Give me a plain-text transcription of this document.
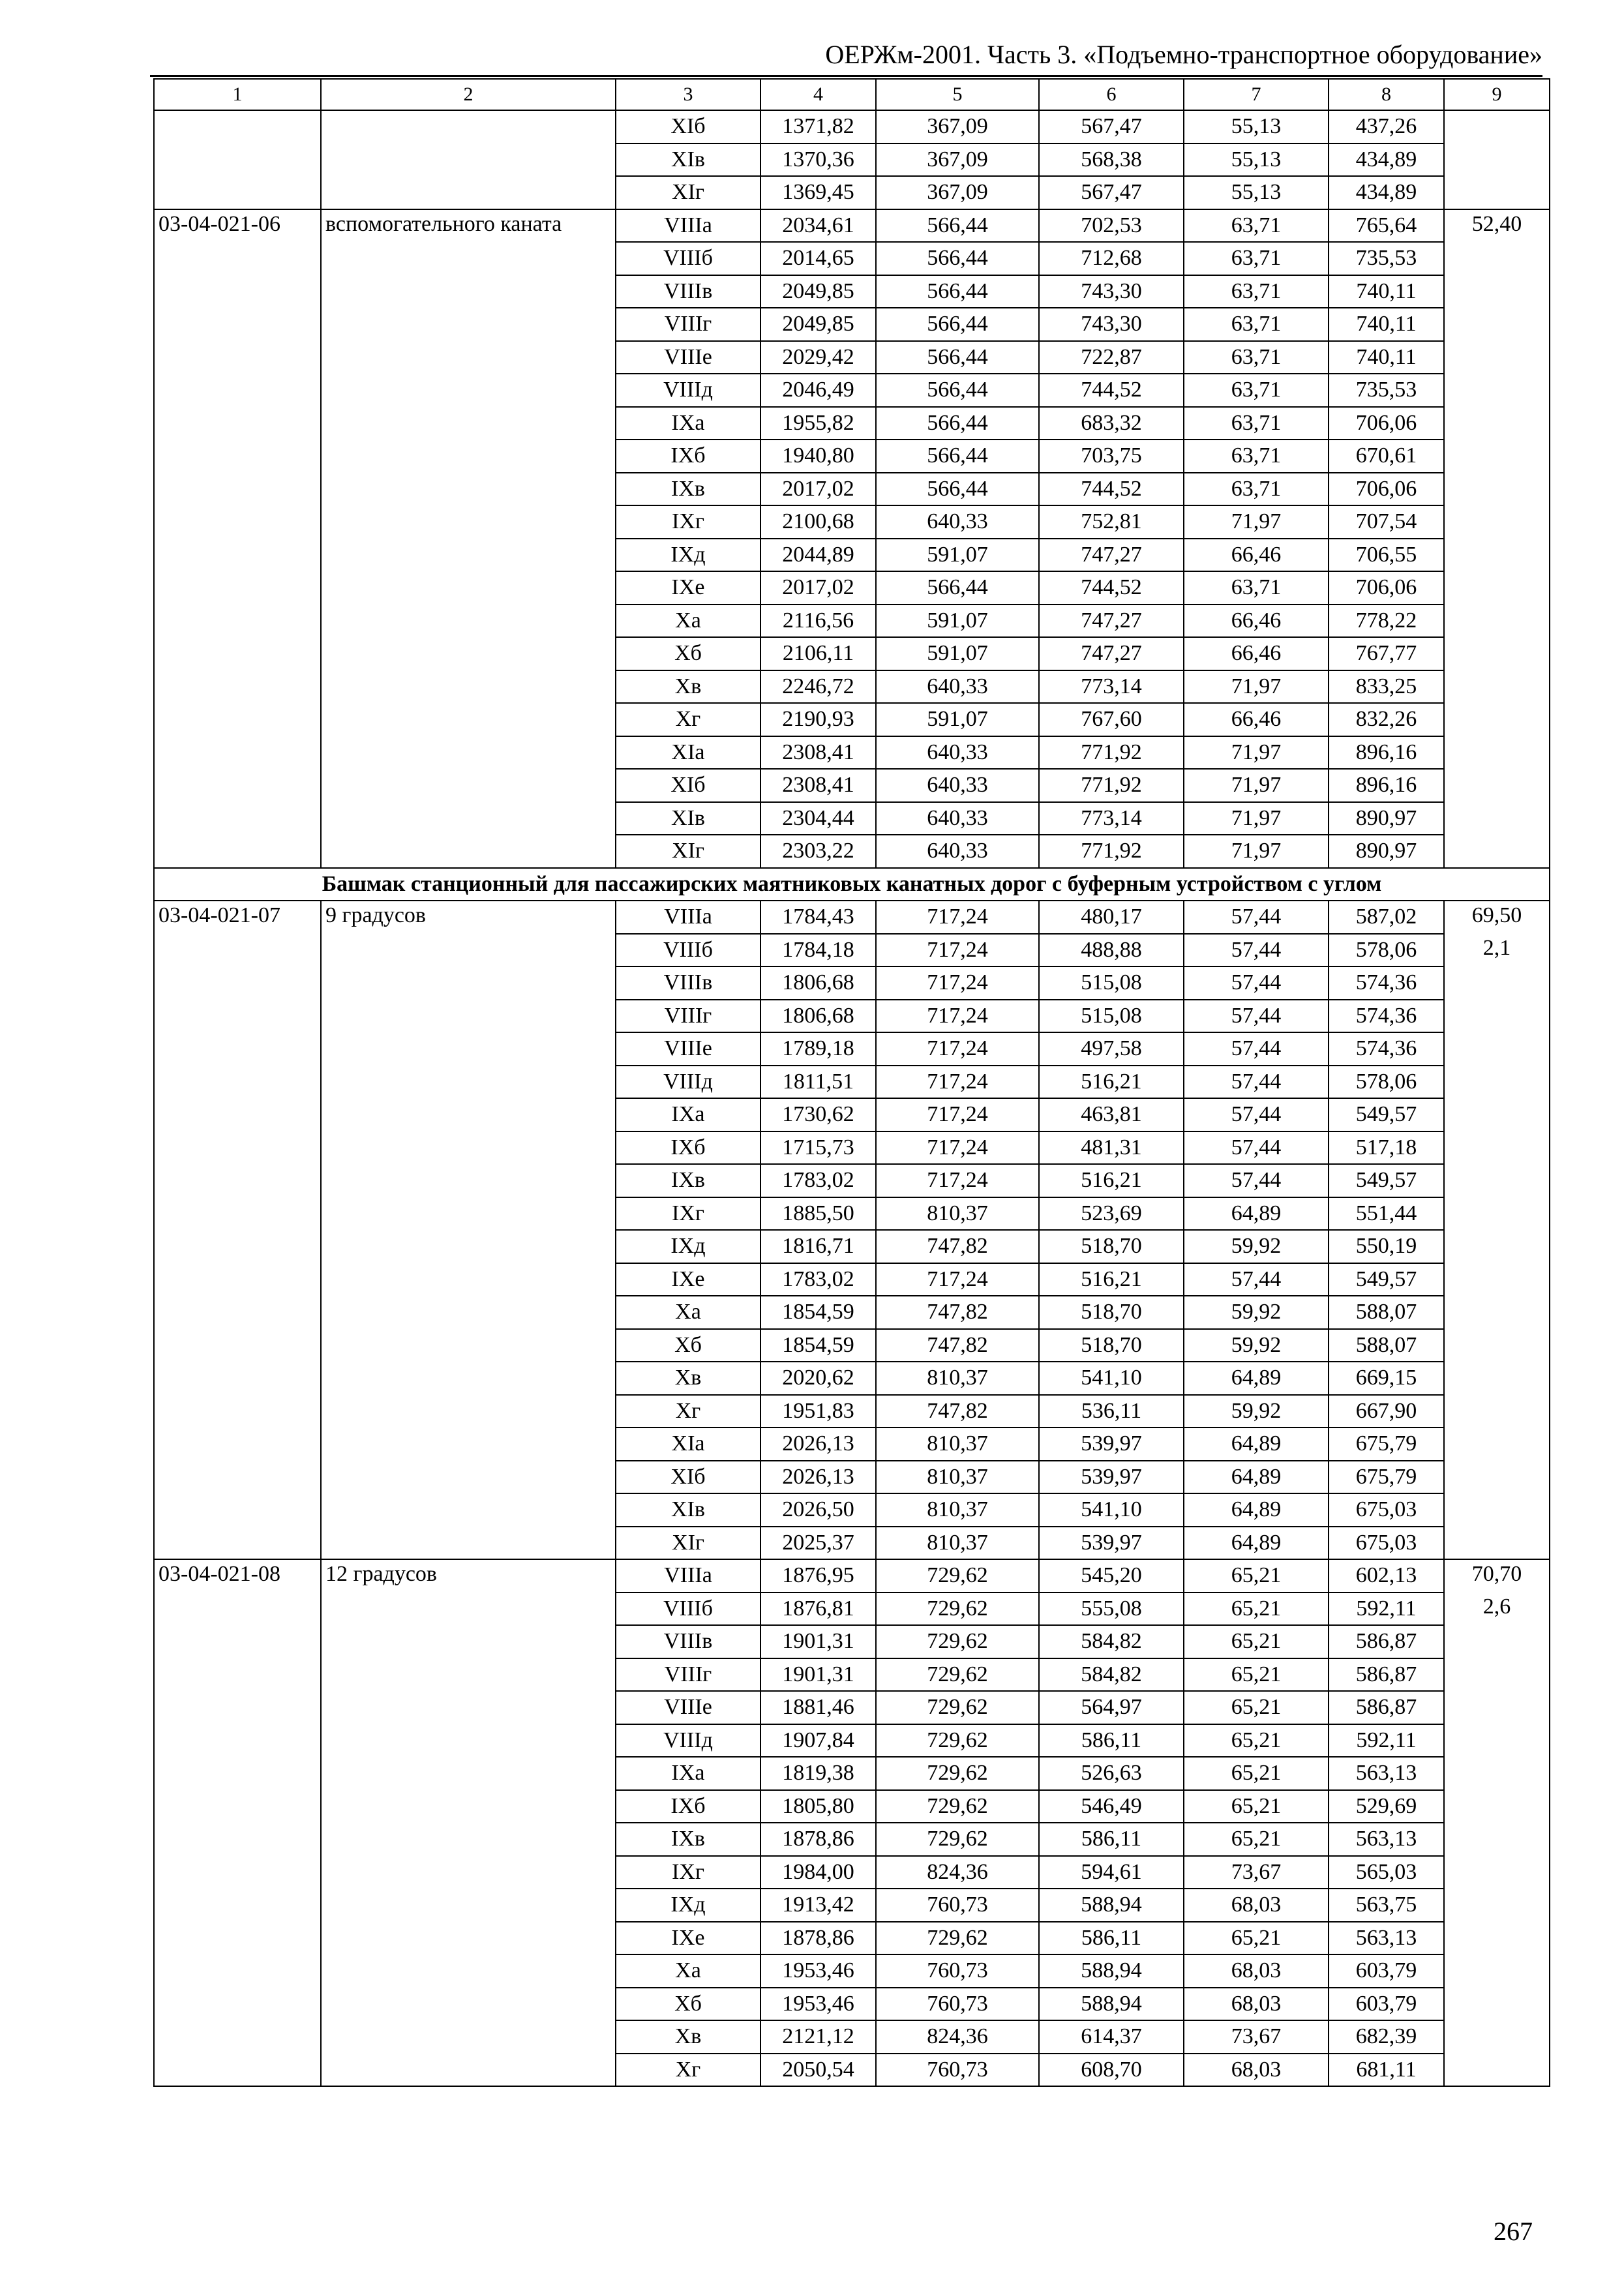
ОЕРЖм-2001. Часть 3. «Подъемно-транспортное оборудование»
1	2	3	4	5	6	7	8	9
		XIб	1371,82	367,09	567,47	55,13	437,26	
		XIв	1370,36	367,09	568,38	55,13	434,89	
		XIг	1369,45	367,09	567,47	55,13	434,89	
03-04-021-06	вспомогательного каната	VIIIа	2034,61	566,44	702,53	63,71	765,64	52,40
		VIIIб	2014,65	566,44	712,68	63,71	735,53	
		VIIIв	2049,85	566,44	743,30	63,71	740,11	
		VIIIг	2049,85	566,44	743,30	63,71	740,11	
		VIIIе	2029,42	566,44	722,87	63,71	740,11	
		VIIIд	2046,49	566,44	744,52	63,71	735,53	
		IXа	1955,82	566,44	683,32	63,71	706,06	
		IXб	1940,80	566,44	703,75	63,71	670,61	
		IXв	2017,02	566,44	744,52	63,71	706,06	
		IXг	2100,68	640,33	752,81	71,97	707,54	
		IXд	2044,89	591,07	747,27	66,46	706,55	
		IXе	2017,02	566,44	744,52	63,71	706,06	
		Xа	2116,56	591,07	747,27	66,46	778,22	
		Xб	2106,11	591,07	747,27	66,46	767,77	
		Xв	2246,72	640,33	773,14	71,97	833,25	
		Xг	2190,93	591,07	767,60	66,46	832,26	
		XIа	2308,41	640,33	771,92	71,97	896,16	
		XIб	2308,41	640,33	771,92	71,97	896,16	
		XIв	2304,44	640,33	773,14	71,97	890,97	
		XIг	2303,22	640,33	771,92	71,97	890,97	
Башмак станционный для пассажирских маятниковых канатных дорог с буферным устройством с углом								
03-04-021-07	9 градусов	VIIIа	1784,43	717,24	480,17	57,44	587,02	69,50
		VIIIб	1784,18	717,24	488,88	57,44	578,06	2,1
		VIIIв	1806,68	717,24	515,08	57,44	574,36	
		VIIIг	1806,68	717,24	515,08	57,44	574,36	
		VIIIе	1789,18	717,24	497,58	57,44	574,36	
		VIIIд	1811,51	717,24	516,21	57,44	578,06	
		IXа	1730,62	717,24	463,81	57,44	549,57	
		IXб	1715,73	717,24	481,31	57,44	517,18	
		IXв	1783,02	717,24	516,21	57,44	549,57	
		IXг	1885,50	810,37	523,69	64,89	551,44	
		IXд	1816,71	747,82	518,70	59,92	550,19	
		IXе	1783,02	717,24	516,21	57,44	549,57	
		Xа	1854,59	747,82	518,70	59,92	588,07	
		Xб	1854,59	747,82	518,70	59,92	588,07	
		Xв	2020,62	810,37	541,10	64,89	669,15	
		Xг	1951,83	747,82	536,11	59,92	667,90	
		XIа	2026,13	810,37	539,97	64,89	675,79	
		XIб	2026,13	810,37	539,97	64,89	675,79	
		XIв	2026,50	810,37	541,10	64,89	675,03	
		XIг	2025,37	810,37	539,97	64,89	675,03	
03-04-021-08	12 градусов	VIIIа	1876,95	729,62	545,20	65,21	602,13	70,70
		VIIIб	1876,81	729,62	555,08	65,21	592,11	2,6
		VIIIв	1901,31	729,62	584,82	65,21	586,87	
		VIIIг	1901,31	729,62	584,82	65,21	586,87	
		VIIIе	1881,46	729,62	564,97	65,21	586,87	
		VIIIд	1907,84	729,62	586,11	65,21	592,11	
		IXа	1819,38	729,62	526,63	65,21	563,13	
		IXб	1805,80	729,62	546,49	65,21	529,69	
		IXв	1878,86	729,62	586,11	65,21	563,13	
		IXг	1984,00	824,36	594,61	73,67	565,03	
		IXд	1913,42	760,73	588,94	68,03	563,75	
		IXе	1878,86	729,62	586,11	65,21	563,13	
		Xа	1953,46	760,73	588,94	68,03	603,79	
		Xб	1953,46	760,73	588,94	68,03	603,79	
		Xв	2121,12	824,36	614,37	73,67	682,39	
		Xг	2050,54	760,73	608,70	68,03	681,11	
267
